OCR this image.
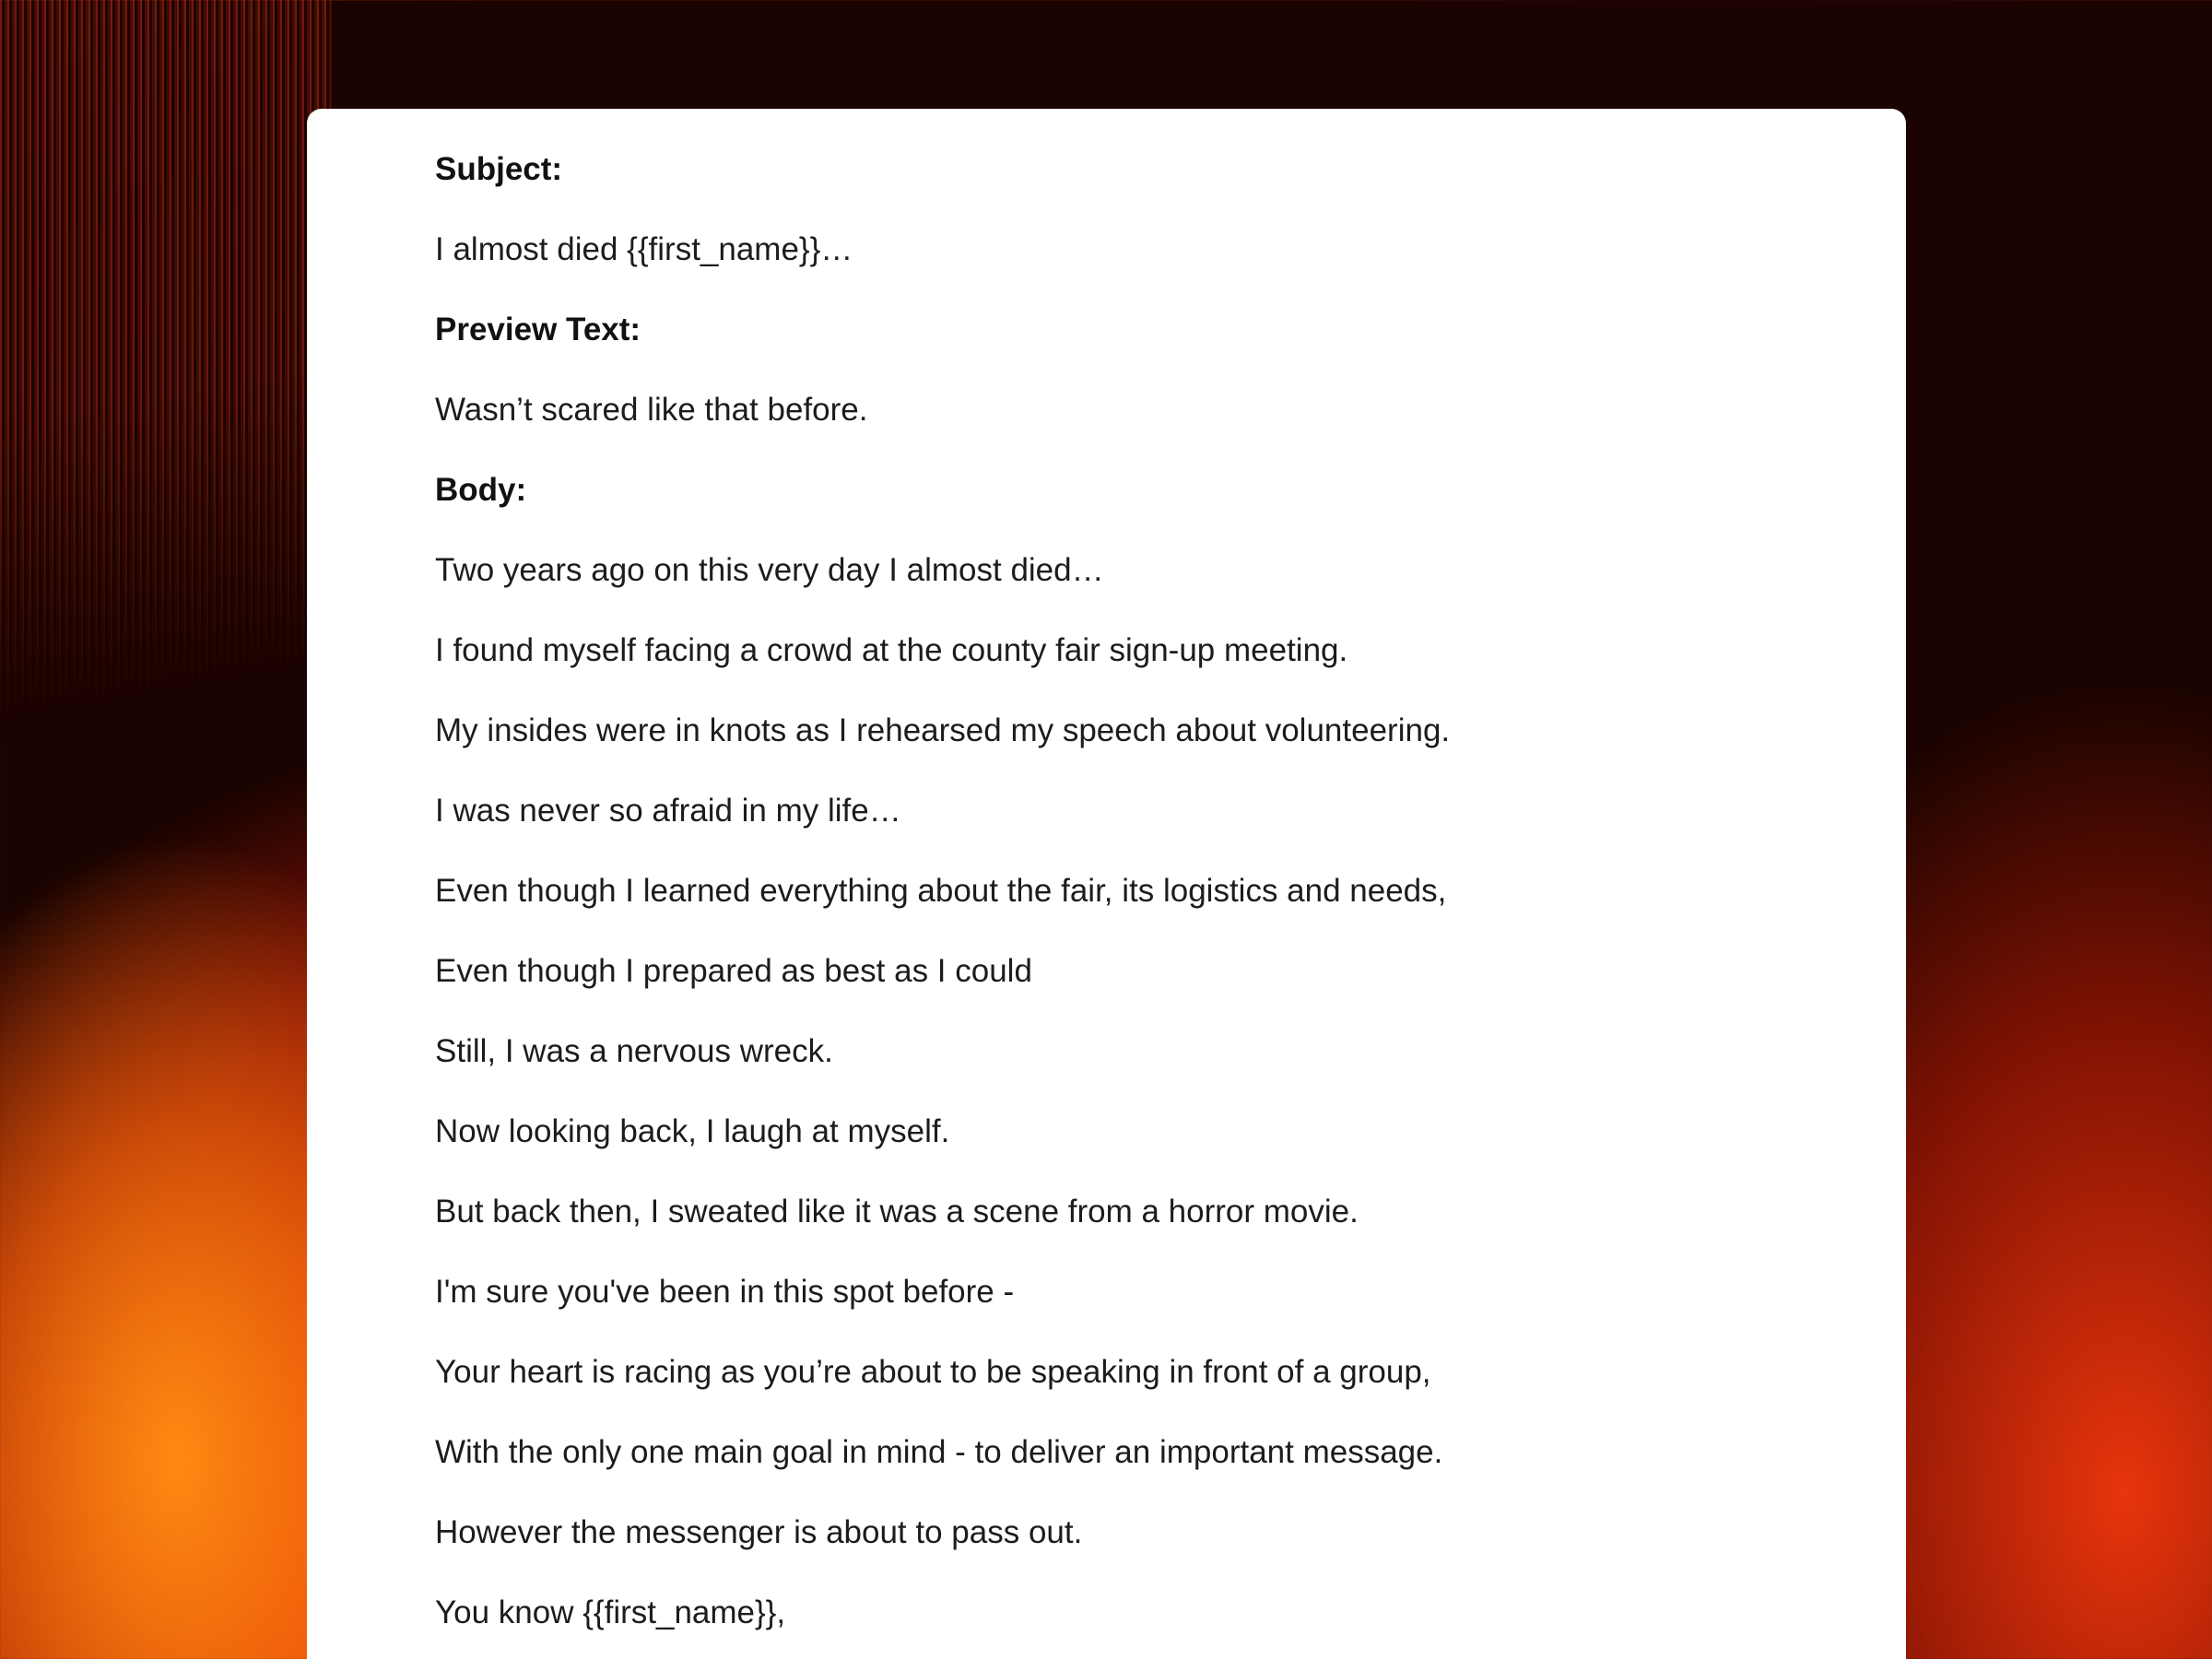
Subject:

I almost died {{first_name}}…

Preview Text:

Wasn’t scared like that before.

Body:

Two years ago on this very day I almost died…

I found myself facing a crowd at the county fair sign-up meeting.

My insides were in knots as I rehearsed my speech about volunteering.

I was never so afraid in my life…

Even though I learned everything about the fair, its logistics and needs,

Even though I prepared as best as I could

Still, I was a nervous wreck.

Now looking back, I laugh at myself.

But back then, I sweated like it was a scene from a horror movie.

I'm sure you've been in this spot before -

Your heart is racing as you’re about to be speaking in front of a group,

With the only one main goal in mind - to deliver an important message.

However the messenger is about to pass out.

You know {{first_name}},
